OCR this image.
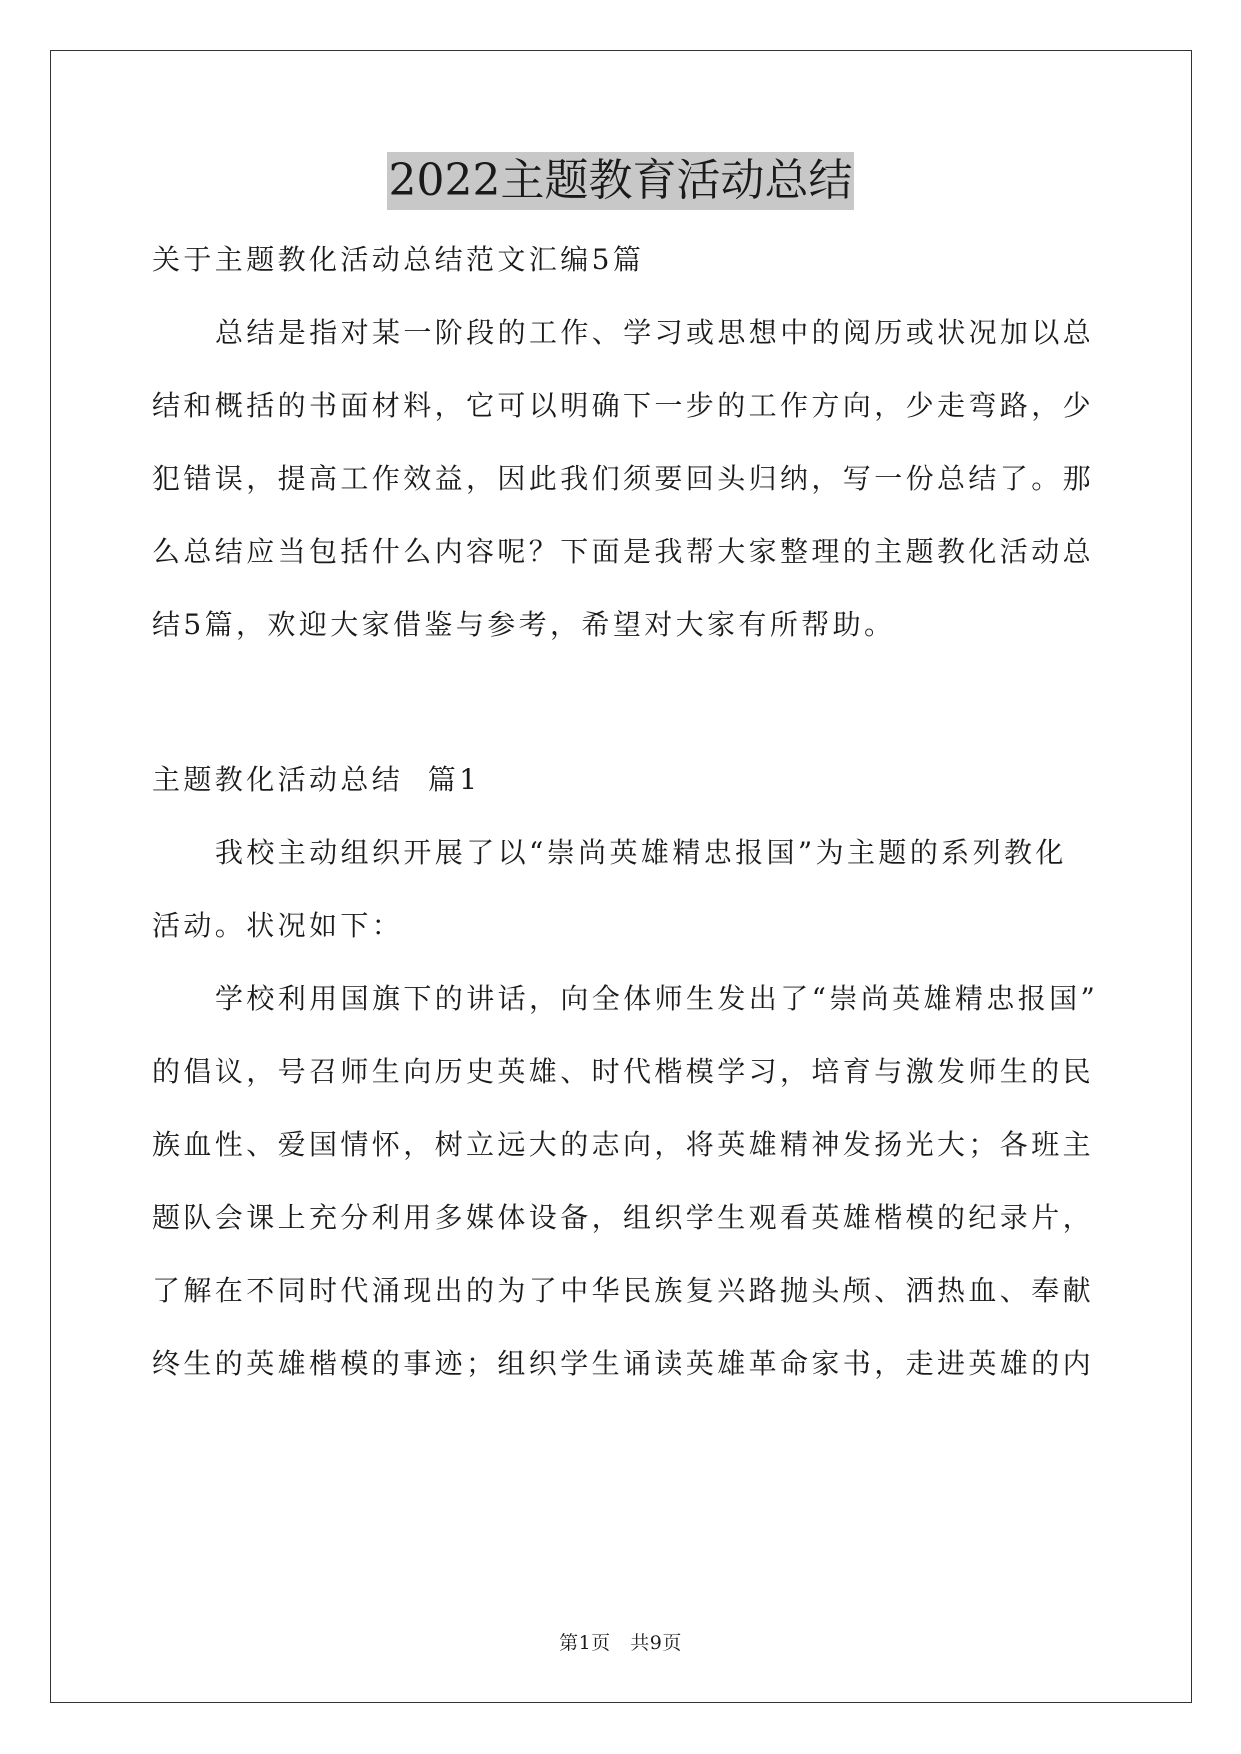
2022主题教育活动总结
关于主题教化活动总结范文汇编5篇
总结是指对某一阶段的工作、学习或思想中的阅历或状况加以总
结和概括的书面材料，它可以明确下一步的工作方向，少走弯路，少
犯错误，提高工作效益，因此我们须要回头归纳，写一份总结了。那
么总结应当包括什么内容呢？下面是我帮大家整理的主题教化活动总
结5篇，欢迎大家借鉴与参考，希望对大家有所帮助。
主题教化活动总结  篇1
我校主动组织开展了以“崇尚英雄精忠报国”为主题的系列教化
活动。状况如下：
学校利用国旗下的讲话，向全体师生发出了“崇尚英雄精忠报国”
的倡议，号召师生向历史英雄、时代楷模学习，培育与激发师生的民
族血性、爱国情怀，树立远大的志向，将英雄精神发扬光大；各班主
题队会课上充分利用多媒体设备，组织学生观看英雄楷模的纪录片，
了解在不同时代涌现出的为了中华民族复兴路抛头颅、洒热血、奉献
终生的英雄楷模的事迹；组织学生诵读英雄革命家书，走进英雄的内
第1页   共9页
